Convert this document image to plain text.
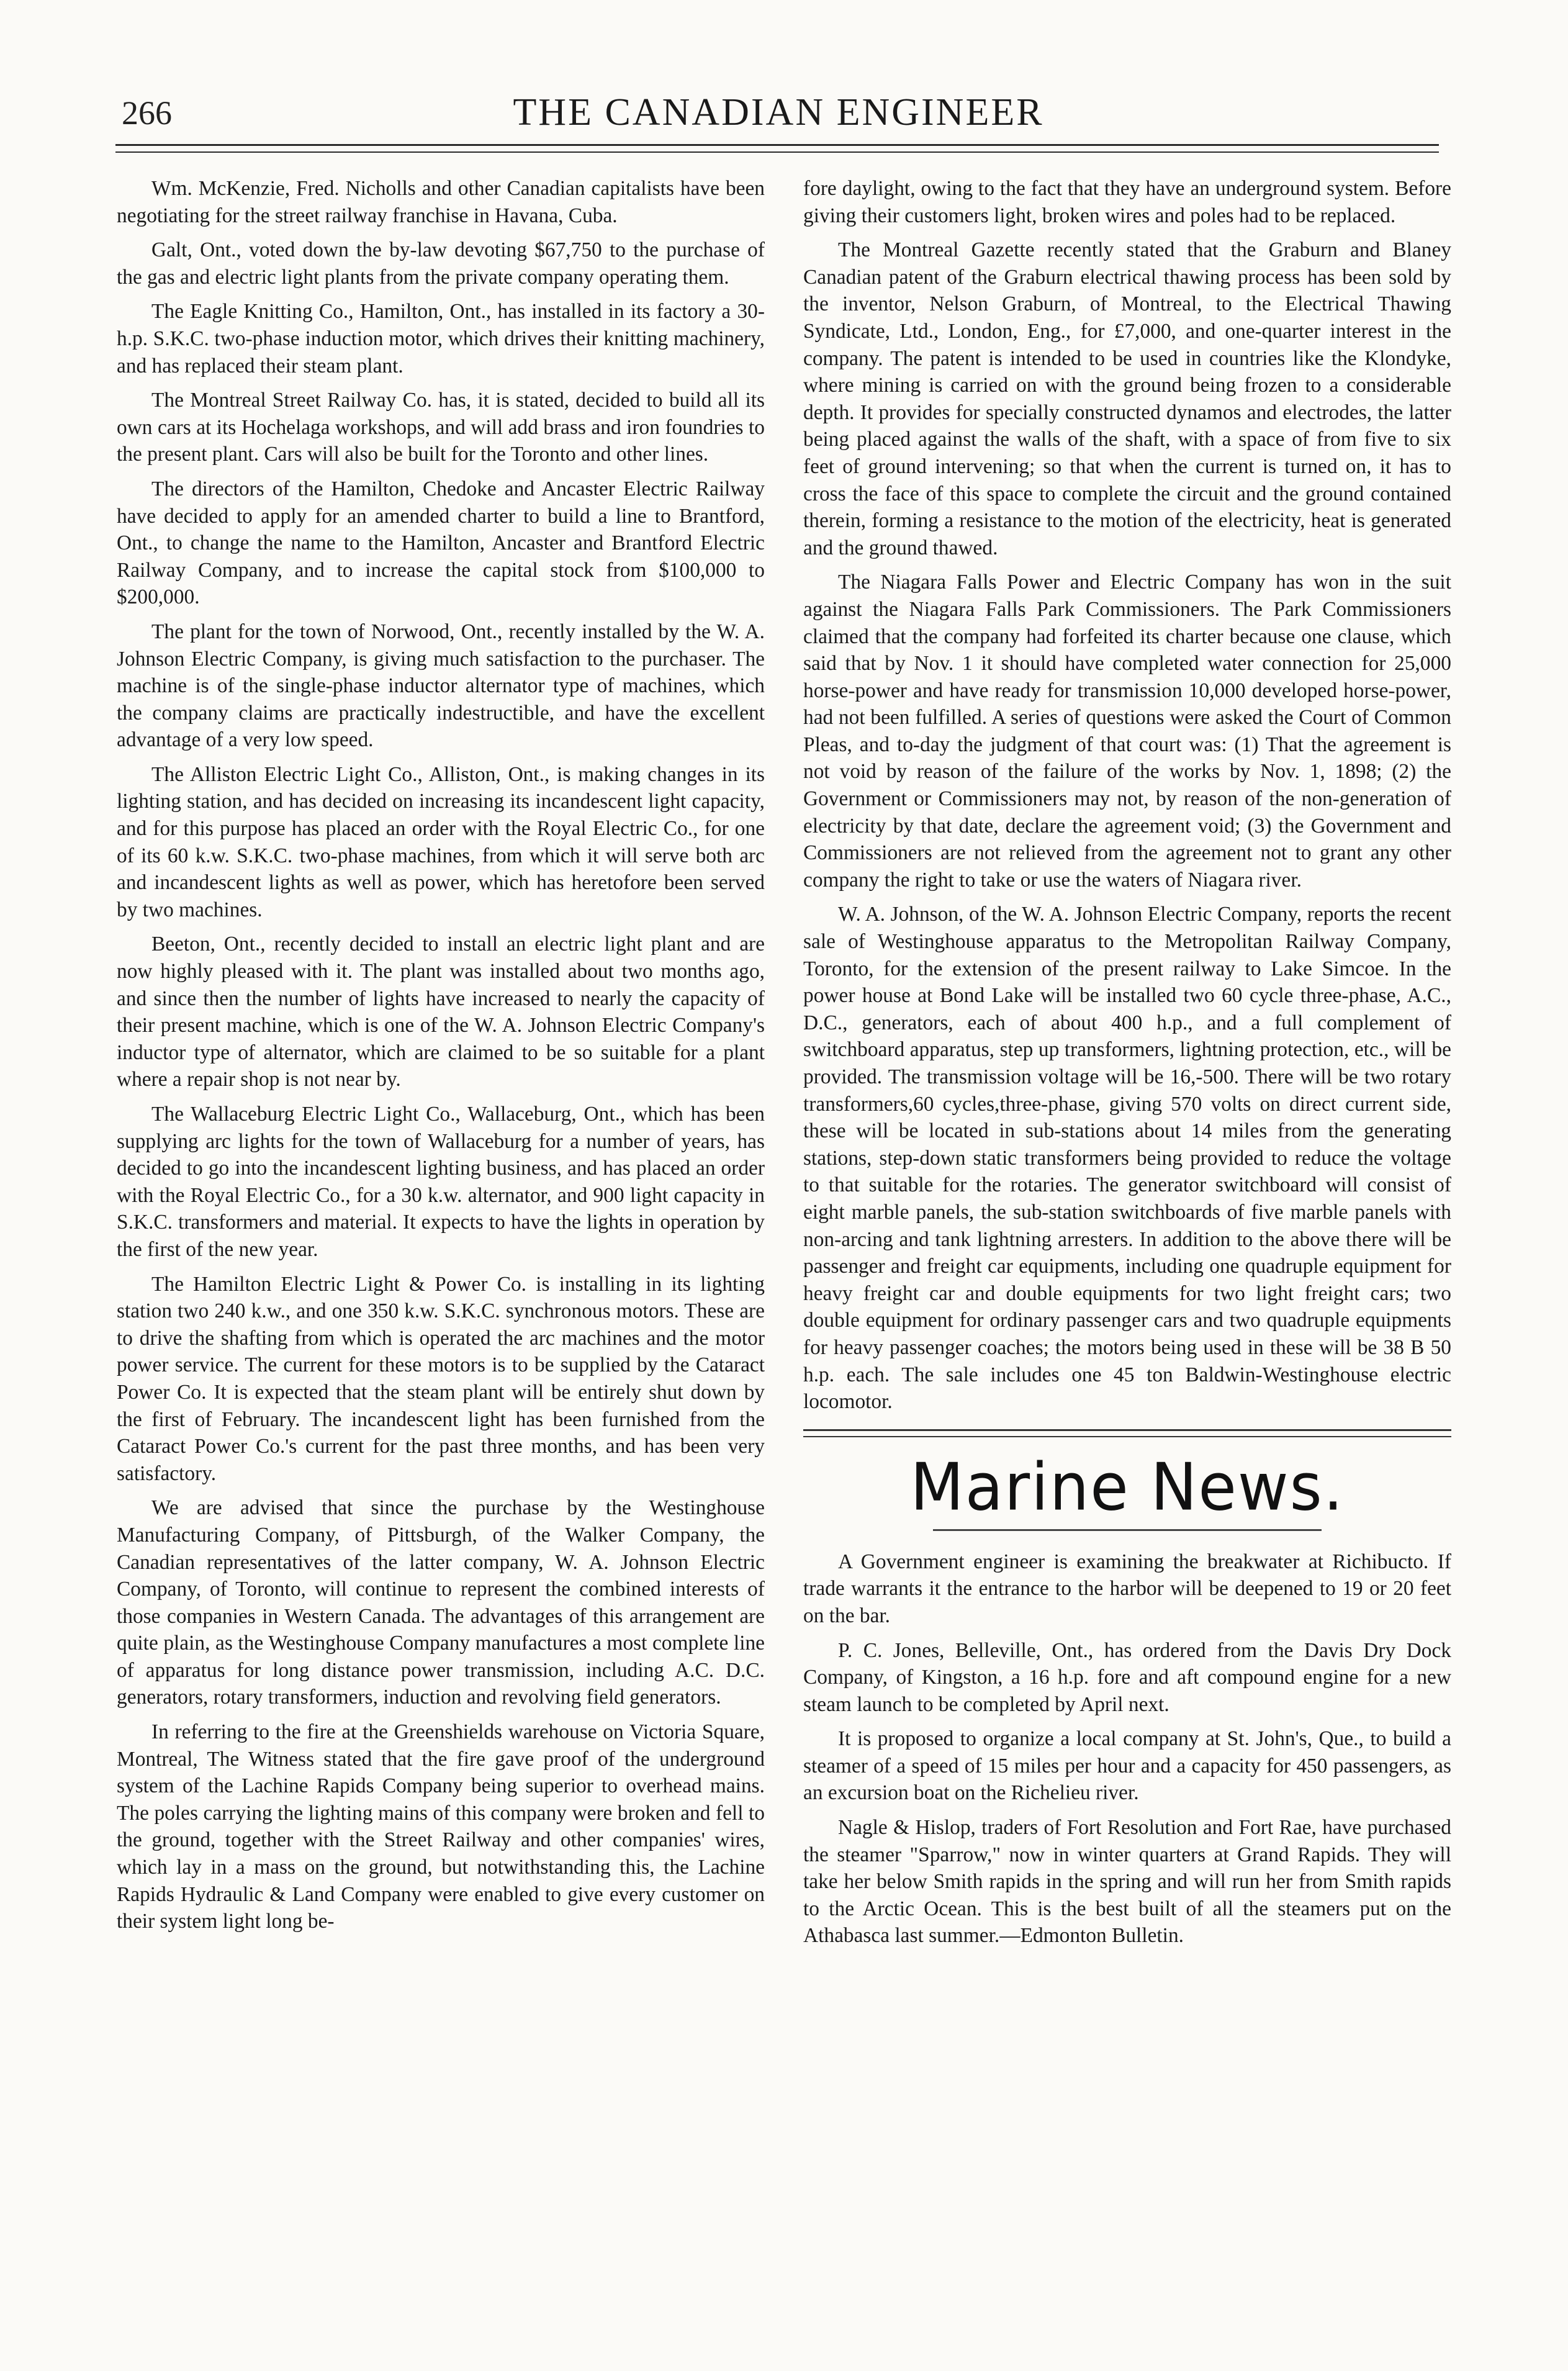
266	THE CANADIAN ENGINEER

Wm. McKenzie, Fred. Nicholls and other Canadian capitalists have been negotiating for the street railway franchise in Havana, Cuba.

Galt, Ont., voted down the by-law devoting $67,750 to the purchase of the gas and electric light plants from the private company operating them.

The Eagle Knitting Co., Hamilton, Ont., has installed in its factory a 30-h.p. S.K.C. two-phase induction motor, which drives their knitting machinery, and has replaced their steam plant.

The Montreal Street Railway Co. has, it is stated, decided to build all its own cars at its Hochelaga workshops, and will add brass and iron foundries to the present plant. Cars will also be built for the Toronto and other lines.

The directors of the Hamilton, Chedoke and Ancaster Electric Railway have decided to apply for an amended charter to build a line to Brantford, Ont., to change the name to the Hamilton, Ancaster and Brantford Electric Railway Company, and to increase the capital stock from $100,000 to $200,000.

The plant for the town of Norwood, Ont., recently installed by the W. A. Johnson Electric Company, is giving much satisfaction to the purchaser. The machine is of the single-phase inductor alternator type of machines, which the company claims are practically indestructible, and have the excellent advantage of a very low speed.

The Alliston Electric Light Co., Alliston, Ont., is making changes in its lighting station, and has decided on increasing its incandescent light capacity, and for this purpose has placed an order with the Royal Electric Co., for one of its 60 k.w. S.K.C. two-phase machines, from which it will serve both arc and incandescent lights as well as power, which has heretofore been served by two machines.

Beeton, Ont., recently decided to install an electric light plant and are now highly pleased with it. The plant was installed about two months ago, and since then the number of lights have increased to nearly the capacity of their present machine, which is one of the W. A. Johnson Electric Company's inductor type of alternator, which are claimed to be so suitable for a plant where a repair shop is not near by.

The Wallaceburg Electric Light Co., Wallaceburg, Ont., which has been supplying arc lights for the town of Wallaceburg for a number of years, has decided to go into the incandescent lighting business, and has placed an order with the Royal Electric Co., for a 30 k.w. alternator, and 900 light capacity in S.K.C. transformers and material. It expects to have the lights in operation by the first of the new year.

The Hamilton Electric Light & Power Co. is installing in its lighting station two 240 k.w., and one 350 k.w. S.K.C. synchronous motors. These are to drive the shafting from which is operated the arc machines and the motor power service. The current for these motors is to be supplied by the Cataract Power Co. It is expected that the steam plant will be entirely shut down by the first of February. The incandescent light has been furnished from the Cataract Power Co.'s current for the past three months, and has been very satisfactory.

We are advised that since the purchase by the Westinghouse Manufacturing Company, of Pittsburgh, of the Walker Company, the Canadian representatives of the latter company, W. A. Johnson Electric Company, of Toronto, will continue to represent the combined interests of those companies in Western Canada. The advantages of this arrangement are quite plain, as the Westinghouse Company manufactures a most complete line of apparatus for long distance power transmission, including A.C. D.C. generators, rotary transformers, induction and revolving field generators.

In referring to the fire at the Greenshields warehouse on Victoria Square, Montreal, The Witness stated that the fire gave proof of the underground system of the Lachine Rapids Company being superior to overhead mains. The poles carrying the lighting mains of this company were broken and fell to the ground, together with the Street Railway and other companies' wires, which lay in a mass on the ground, but notwithstanding this, the Lachine Rapids Hydraulic & Land Company were enabled to give every customer on their system light long be-

fore daylight, owing to the fact that they have an underground system. Before giving their customers light, broken wires and poles had to be replaced.

The Montreal Gazette recently stated that the Graburn and Blaney Canadian patent of the Graburn electrical thawing process has been sold by the inventor, Nelson Graburn, of Montreal, to the Electrical Thawing Syndicate, Ltd., London, Eng., for £7,000, and one-quarter interest in the company. The patent is intended to be used in countries like the Klondyke, where mining is carried on with the ground being frozen to a considerable depth. It provides for specially constructed dynamos and electrodes, the latter being placed against the walls of the shaft, with a space of from five to six feet of ground intervening; so that when the current is turned on, it has to cross the face of this space to complete the circuit and the ground contained therein, forming a resistance to the motion of the electricity, heat is generated and the ground thawed.

The Niagara Falls Power and Electric Company has won in the suit against the Niagara Falls Park Commissioners. The Park Commissioners claimed that the company had forfeited its charter because one clause, which said that by Nov. 1 it should have completed water connection for 25,000 horse-power and have ready for transmission 10,000 developed horse-power, had not been fulfilled. A series of questions were asked the Court of Common Pleas, and to-day the judgment of that court was: (1) That the agreement is not void by reason of the failure of the works by Nov. 1, 1898; (2) the Government or Commissioners may not, by reason of the non-generation of electricity by that date, declare the agreement void; (3) the Government and Commissioners are not relieved from the agreement not to grant any other company the right to take or use the waters of Niagara river.

W. A. Johnson, of the W. A. Johnson Electric Company, reports the recent sale of Westinghouse apparatus to the Metropolitan Railway Company, Toronto, for the extension of the present railway to Lake Simcoe. In the power house at Bond Lake will be installed two 60 cycle three-phase, A.C., D.C., generators, each of about 400 h.p., and a full complement of switchboard apparatus, step up transformers, lightning protection, etc., will be provided. The transmission voltage will be 16,-500. There will be two rotary transformers,60 cycles,three-phase, giving 570 volts on direct current side, these will be located in sub-stations about 14 miles from the generating stations, step-down static transformers being provided to reduce the voltage to that suitable for the rotaries. The generator switchboard will consist of eight marble panels, the sub-station switchboards of five marble panels with non-arcing and tank lightning arresters. In addition to the above there will be passenger and freight car equipments, including one quadruple equipment for heavy freight car and double equipments for two light freight cars; two double equipment for ordinary passenger cars and two quadruple equipments for heavy passenger coaches; the motors being used in these will be 38 B 50 h.p. each. The sale includes one 45 ton Baldwin-Westinghouse electric locomotor.

Marine News.

A Government engineer is examining the breakwater at Richibucto. If trade warrants it the entrance to the harbor will be deepened to 19 or 20 feet on the bar.

P. C. Jones, Belleville, Ont., has ordered from the Davis Dry Dock Company, of Kingston, a 16 h.p. fore and aft compound engine for a new steam launch to be completed by April next.

It is proposed to organize a local company at St. John's, Que., to build a steamer of a speed of 15 miles per hour and a capacity for 450 passengers, as an excursion boat on the Richelieu river.

Nagle & Hislop, traders of Fort Resolution and Fort Rae, have purchased the steamer "Sparrow," now in winter quarters at Grand Rapids. They will take her below Smith rapids in the spring and will run her from Smith rapids to the Arctic Ocean. This is the best built of all the steamers put on the Athabasca last summer.—Edmonton Bulletin.
